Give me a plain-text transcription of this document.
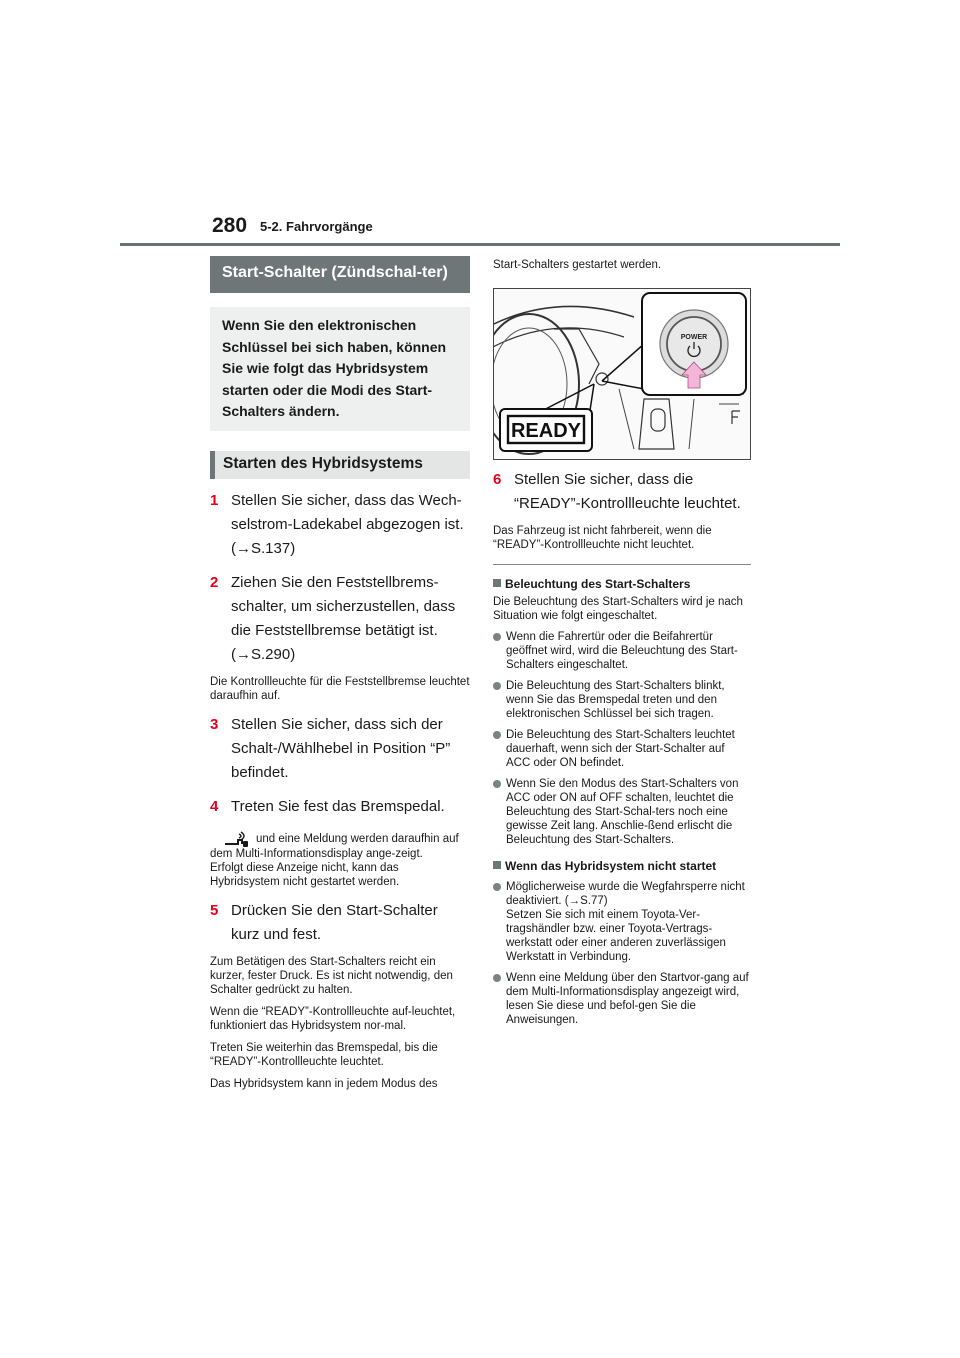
280 5-2. Fahrvorgänge
Start-Schalter (Zündschal-ter)
Wenn Sie den elektronischen Schlüssel bei sich haben, können Sie wie folgt das Hybridsystem starten oder die Modi des Start-Schalters ändern.
Starten des Hybridsystems
1 Stellen Sie sicher, dass das Wech-selstrom-Ladekabel abgezogen ist. (→S.137)
2 Ziehen Sie den Feststellbrems-schalter, um sicherzustellen, dass die Feststellbremse betätigt ist. (→S.290)
Die Kontrollleuchte für die Feststellbremse leuchtet daraufhin auf.
3 Stellen Sie sicher, dass sich der Schalt-/Wählhebel in Position “P” befindet.
4 Treten Sie fest das Bremspedal.
und eine Meldung werden daraufhin auf dem Multi-Informationsdisplay ange-zeigt.
Erfolgt diese Anzeige nicht, kann das Hybridsystem nicht gestartet werden.
5 Drücken Sie den Start-Schalter kurz und fest.
Zum Betätigen des Start-Schalters reicht ein kurzer, fester Druck. Es ist nicht notwendig, den Schalter gedrückt zu halten.
Wenn die “READY”-Kontrollleuchte auf-leuchtet, funktioniert das Hybridsystem nor-mal.
Treten Sie weiterhin das Bremspedal, bis die “READY”-Kontrollleuchte leuchtet.
Das Hybridsystem kann in jedem Modus des
Start-Schalters gestartet werden.
READY
POWER
6 Stellen Sie sicher, dass die “READY”-Kontrollleuchte leuchtet.
Das Fahrzeug ist nicht fahrbereit, wenn die “READY”-Kontrollleuchte nicht leuchtet.
Beleuchtung des Start-Schalters
Die Beleuchtung des Start-Schalters wird je nach Situation wie folgt eingeschaltet.
Wenn die Fahrertür oder die Beifahrertür geöffnet wird, wird die Beleuchtung des Start-Schalters eingeschaltet.
Die Beleuchtung des Start-Schalters blinkt, wenn Sie das Bremspedal treten und den elektronischen Schlüssel bei sich tragen.
Die Beleuchtung des Start-Schalters leuchtet dauerhaft, wenn sich der Start-Schalter auf ACC oder ON befindet.
Wenn Sie den Modus des Start-Schalters von ACC oder ON auf OFF schalten, leuchtet die Beleuchtung des Start-Schal-ters noch eine gewisse Zeit lang. Anschlie-ßend erlischt die Beleuchtung des Start-Schalters.
Wenn das Hybridsystem nicht startet
Möglicherweise wurde die Wegfahrsperre nicht deaktiviert. (→S.77)
Setzen Sie sich mit einem Toyota-Ver-tragshändler bzw. einer Toyota-Vertrags-werkstatt oder einer anderen zuverlässigen Werkstatt in Verbindung.
Wenn eine Meldung über den Startvor-gang auf dem Multi-Informationsdisplay angezeigt wird, lesen Sie diese und befol-gen Sie die Anweisungen.
